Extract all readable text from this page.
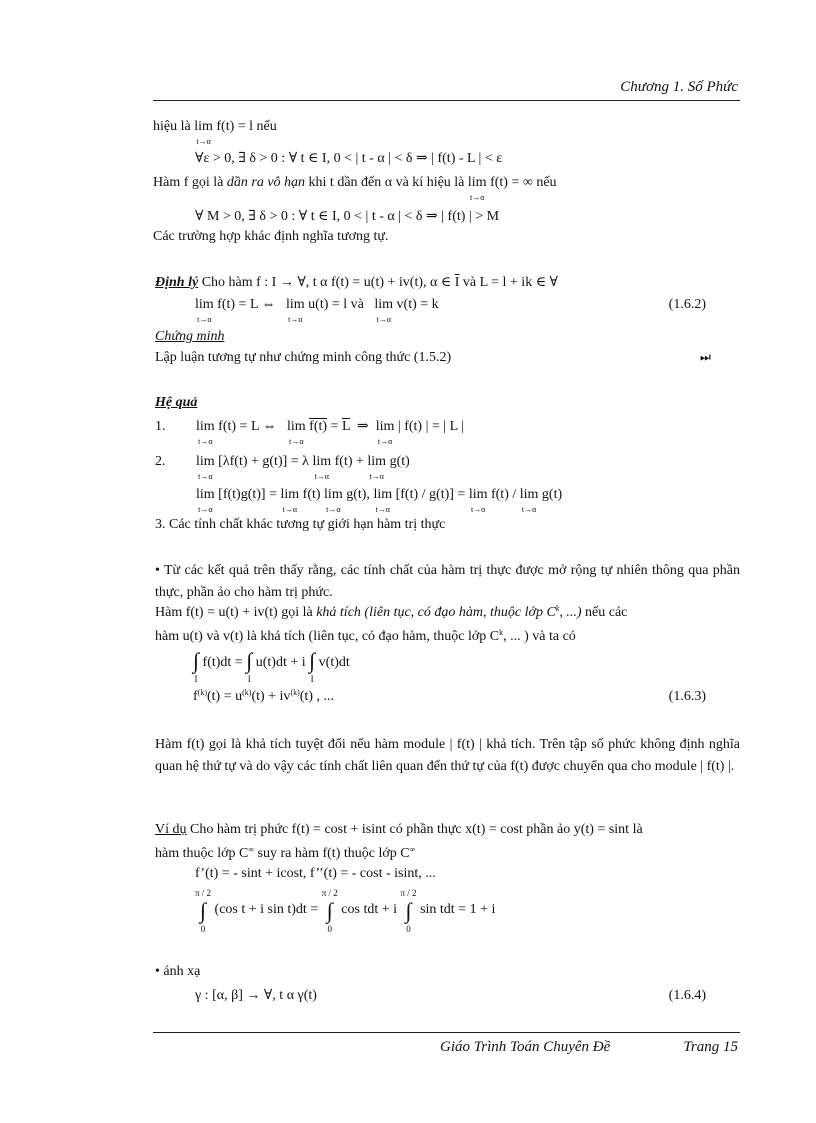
Chương 1. Số Phức
hiệu là lim
t→α f(t) = l nếu
∀ε > 0, ∃ δ > 0 : ∀ t ∈ I, 0 < | t - α | < δ ⇒ | f(t) - L | < ε
Hàm f gọi là dần ra vô hạn khi t dần đến α và kí hiệu là lim
t→α f(t) = ∞ nếu
∀ M > 0, ∃ δ > 0 : ∀ t ∈ I, 0 < | t - α | < δ ⇒ | f(t) | > M
Các trường hợp khác định nghĩa tương tự.
Định lý Cho hàm f : I → ∀, t α f(t) = u(t) + iv(t), α ∈ $\overline{I}$ và L = l + ik ∈ ∀
lim
t→α f(t) = L ⇔ lim
t→α u(t) = l và lim
t→α v(t) = k	(1.6.2)
Chứng minh
Lập luận tương tự như chứng minh công thức (1.5.2)	⏭
Hệ quả
1. lim
t→α f(t) = L ⇔ lim
t→α $f(t) = \overline{L}$ ⇒ lim
t→α | f(t) | = | L |
2. lim
t→α [λf(t) + g(t)] = λ lim
t→α f(t) + lim
t→α g(t)
lim
t→α [f(t)g(t)] = lim
t→α f(t) lim
t→α g(t), lim
t→α [f(t) / g(t)] = lim
t→α f(t) / lim
t→α g(t)
3. Các tính chất khác tương tự giới hạn hàm trị thực
• Từ các kết quả trên thấy rằng, các tính chất của hàm trị thực được mở rộng tự nhiên thông qua phần thực, phần ảo cho hàm trị phức.
Hàm f(t) = u(t) + iv(t) gọi là khả tích (liên tục, có đạo hàm, thuộc lớp $C^k$, ...) nếu các
hàm u(t) và v(t) là khả tích (liên tục, có đạo hàm, thuộc lớp $C^k$, ... ) và ta có
∫
I f(t)dt = ∫
I u(t)dt + i ∫
I v(t)dt
$f^{(k)}(t) = u^{(k)}(t) + iv^{(k)}(t)$ , ...	(1.6.3)
Hàm f(t) gọi là khả tích tuyệt đối nếu hàm module | f(t) | khả tích. Trên tập số phức không định nghĩa quan hệ thứ tự và do vậy các tính chất liên quan đến thứ tự của f(t) được chuyển qua cho module | f(t) |.
Ví dụ Cho hàm trị phức f(t) = cost + isint có phần thực x(t) = cost phần ảo y(t) = sint là
hàm thuộc lớp C∞ suy ra hàm f(t) thuộc lớp C∞
f’(t) = - sint + icost, f’’(t) = - cost - isint, ...
π / 2
∫
0 (cos t + i sin t)dt = π / 2
∫
0 cos tdt + i π / 2
∫
0 sin tdt = 1 + i
• ánh xạ
γ : [α, β] → ∀, t α γ(t)	(1.6.4)
Giáo Trình Toán Chuyên Đề	Trang 15
